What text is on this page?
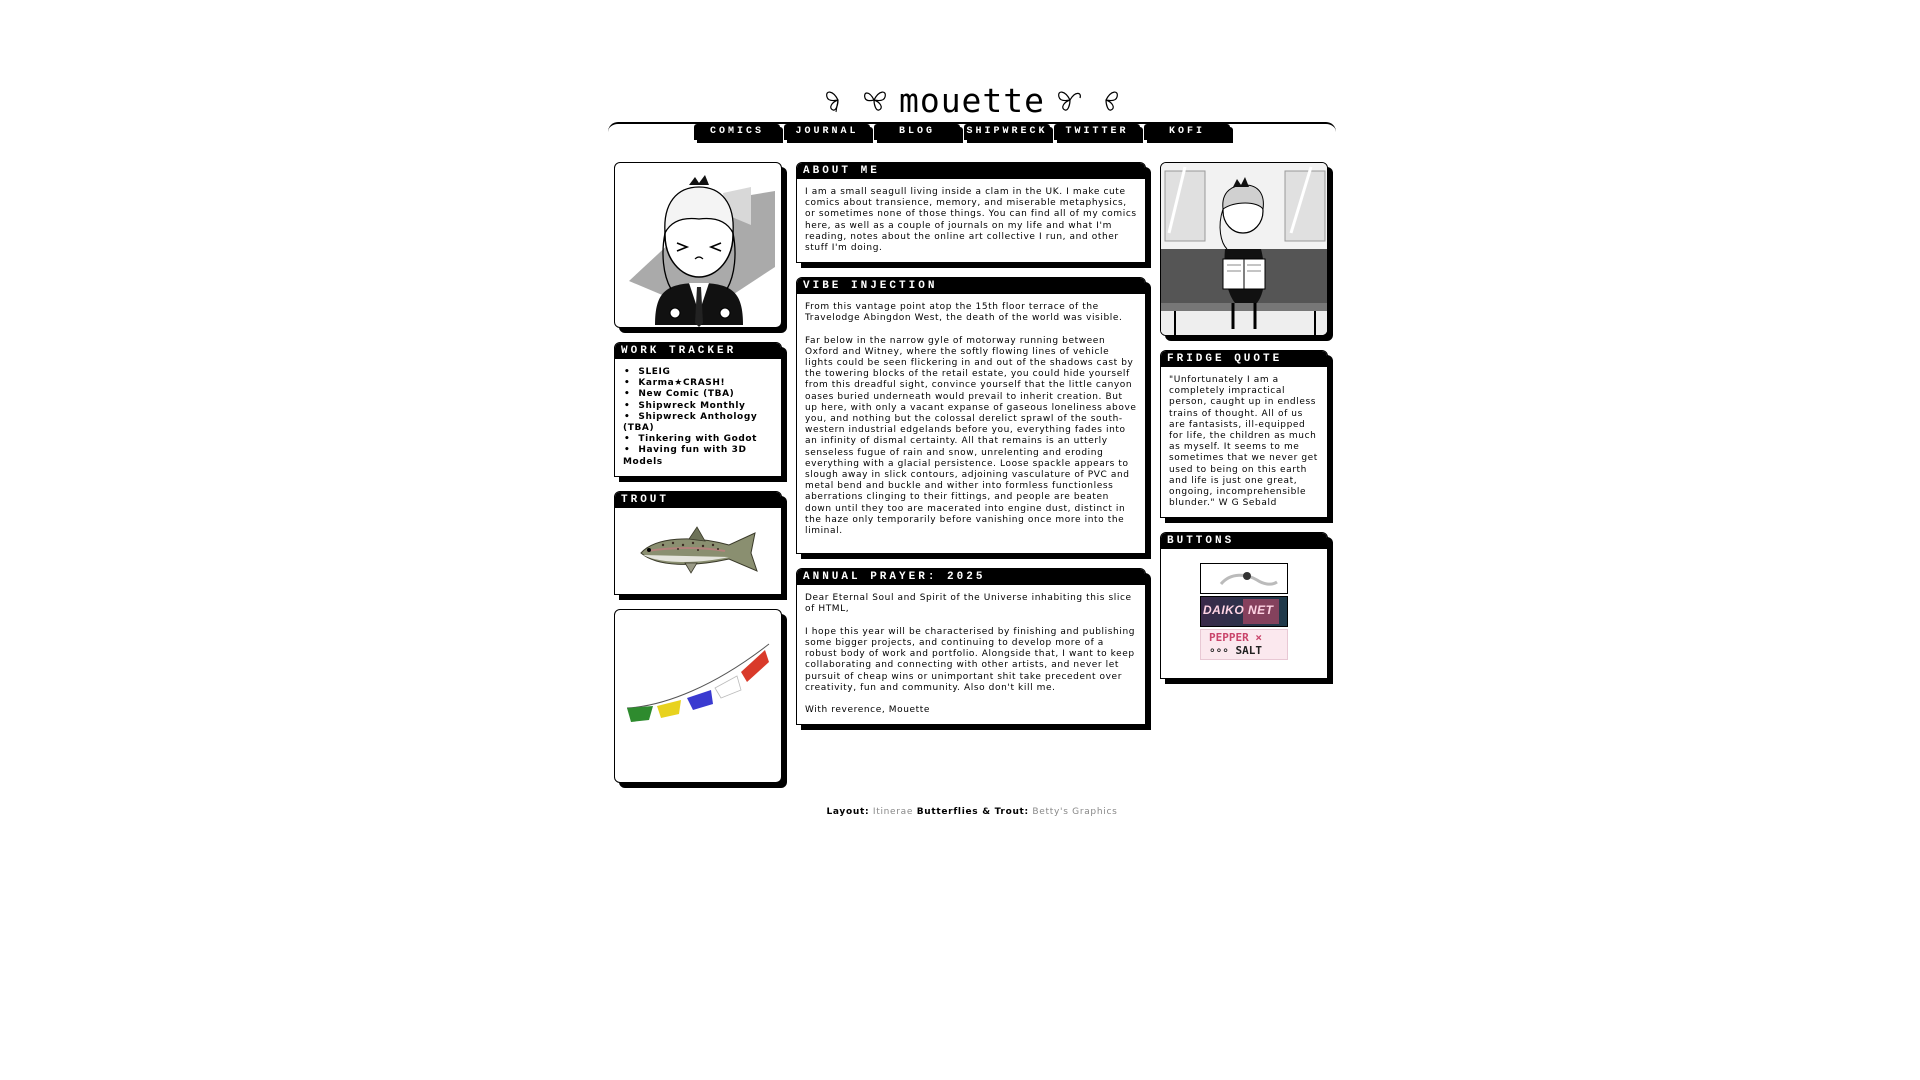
mouette
COMICS	JOURNAL	BLOG	SHIPWRECK	TWITTER	KOFI
WORK TRACKER
• SLEIG
• Karma★CRASH!
• New Comic (TBA)
• Shipwreck Monthly
• Shipwreck Anthology (TBA)
• Tinkering with Godot
• Having fun with 3D Models
TROUT
ABOUT ME

I am a small seagull living inside a clam in the UK. I make cute comics about transience, memory, and miserable metaphysics, or sometimes none of those things. You can find all of my comics here, as well as a couple of journals on my life and what I'm reading, notes about the online art collective I run, and other stuff I'm doing.

VIBE INJECTION

From this vantage point atop the 15th floor terrace of the Travelodge Abingdon West, the death of the world was visible.

Far below in the narrow gyle of motorway running between Oxford and Witney, where the softly flowing lines of vehicle lights could be seen flickering in and out of the shadows cast by the towering blocks of the retail estate, you could hide yourself from this dreadful sight, convince yourself that the little canyon oases buried underneath would prevail to inherit creation. But up here, with only a vacant expanse of gaseous loneliness above you, and nothing but the colossal derelict sprawl of the south-western industrial edgelands before you, everything fades into an infinity of dismal certainty. All that remains is an utterly senseless fugue of rain and snow, unrelenting and eroding everything with a glacial persistence. Loose spackle appears to slough away in slick contours, adjoining vasculature of PVC and metal bend and buckle and wither into formless functionless aberrations clinging to their fittings, and people are beaten down until they too are macerated into engine dust, distinct in the haze only temporarily before vanishing once more into the liminal.

ANNUAL PRAYER: 2025

Dear Eternal Soul and Spirit of the Universe inhabiting this slice of HTML,

I hope this year will be characterised by finishing and publishing some bigger projects, and continuing to develop more of a robust body of work and portfolio. Alongside that, I want to keep collaborating and connecting with other artists, and never let pursuit of cheap wins or unimportant shit take precedent over creativity, fun and community. Also don't kill me.

With reverence, Mouette

FRIDGE QUOTE

"Unfortunately I am a completely impractical person, caught up in endless trains of thought. All of us are fantasists, ill-equipped for life, the children as much as myself. It seems to me sometimes that we never get used to being on this earth and life is just one great, ongoing, incomprehensible blunder." W G Sebald

BUTTONS
DAIKO NET
PEPPER ×
∘∘∘ SALT
Layout: Itinerae Butterflies & Trout: Betty's Graphics
